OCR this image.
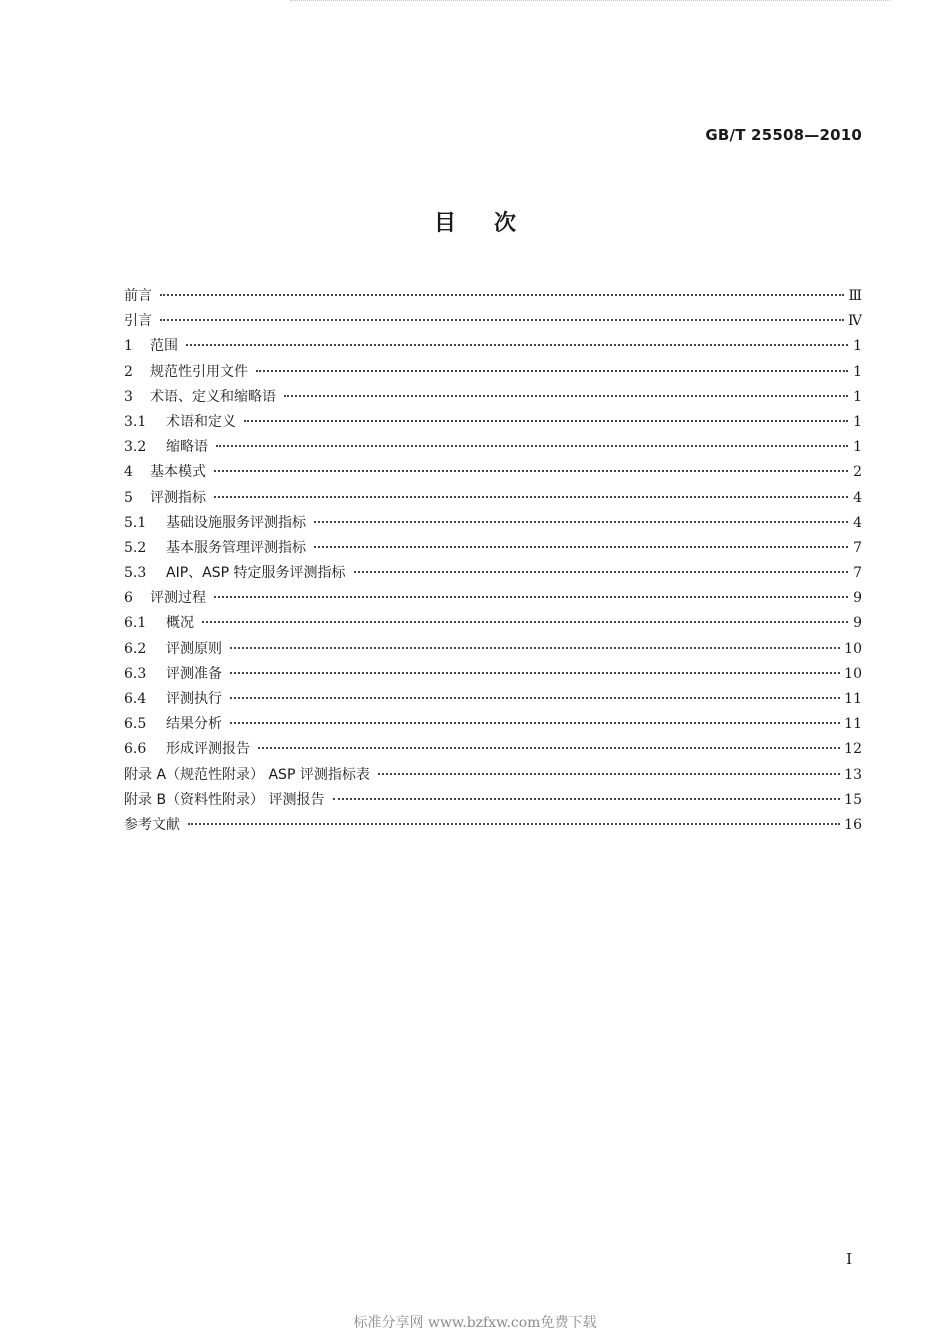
GB/T 25508—2010
目次
前言	Ⅲ
引言	Ⅳ
1	范围	1
2	规范性引用文件	1
3	术语、定义和缩略语	1
3.1	术语和定义	1
3.2	缩略语	1
4	基本模式	2
5	评测指标	4
5.1	基础设施服务评测指标	4
5.2	基本服务管理评测指标	7
5.3	AIP、ASP 特定服务评测指标	7
6	评测过程	9
6.1	概况	9
6.2	评测原则	10
6.3	评测准备	10
6.4	评测执行	11
6.5	结果分析	11
6.6	形成评测报告	12
附录 A（规范性附录） ASP 评测指标表	13
附录 B（资料性附录） 评测报告	15
参考文献	16
I
标准分享网 www.bzfxw.com免费下载
